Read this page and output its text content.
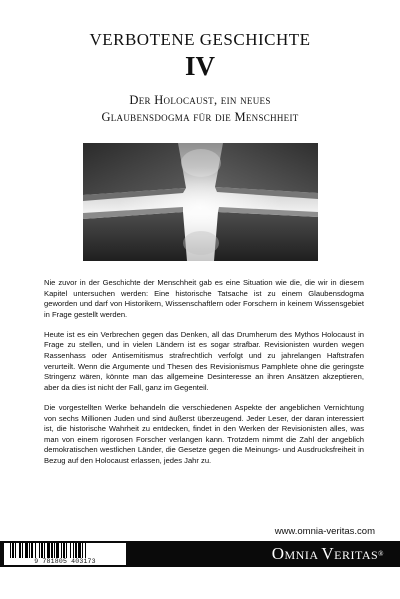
VERBOTENE GESCHICHTE
IV
Der Holocaust, ein neues
Glaubensdogma für die Menschheit

Nie zuvor in der Geschichte der Menschheit gab es eine Situation wie die, die wir in diesem Kapitel untersuchen werden: Eine historische Tatsache ist zu einem Glaubensdogma geworden und darf von Historikern, Wissenschaftlern oder Forschern in keinem Wissensgebiet in Frage gestellt werden.

Heute ist es ein Verbrechen gegen das Denken, all das Drumherum des Mythos Holocaust in Frage zu stellen, und in vielen Ländern ist es sogar strafbar. Revisionisten wurden wegen Rassenhass oder Antisemitismus strafrechtlich verfolgt und zu jahrelangen Haftstrafen verurteilt. Wenn die Argumente und Thesen des Revisionismus Pamphlete ohne die geringste Stringenz wären, könnte man das allgemeine Desinteresse an ihren Ansätzen akzeptieren, aber da dies ist nicht der Fall, ganz im Gegenteil.

Die vorgestellten Werke behandeln die verschiedenen Aspekte der angeblichen Vernichtung von sechs Millionen Juden und sind äußerst überzeugend. Jeder Leser, der daran interessiert ist, die historische Wahrheit zu entdecken, findet in den Werken der Revisionisten alles, was man von einem rigorosen Forscher verlangen kann. Trotzdem nimmt die Zahl der angeblich demokratischen westlichen Länder, die Gesetze gegen die Meinungs- und Ausdrucksfreiheit in Bezug auf den Holocaust erlassen, jedes Jahr zu.

www.omnia-veritas.com
9 781805 403173	OMNIA VERITAS®
